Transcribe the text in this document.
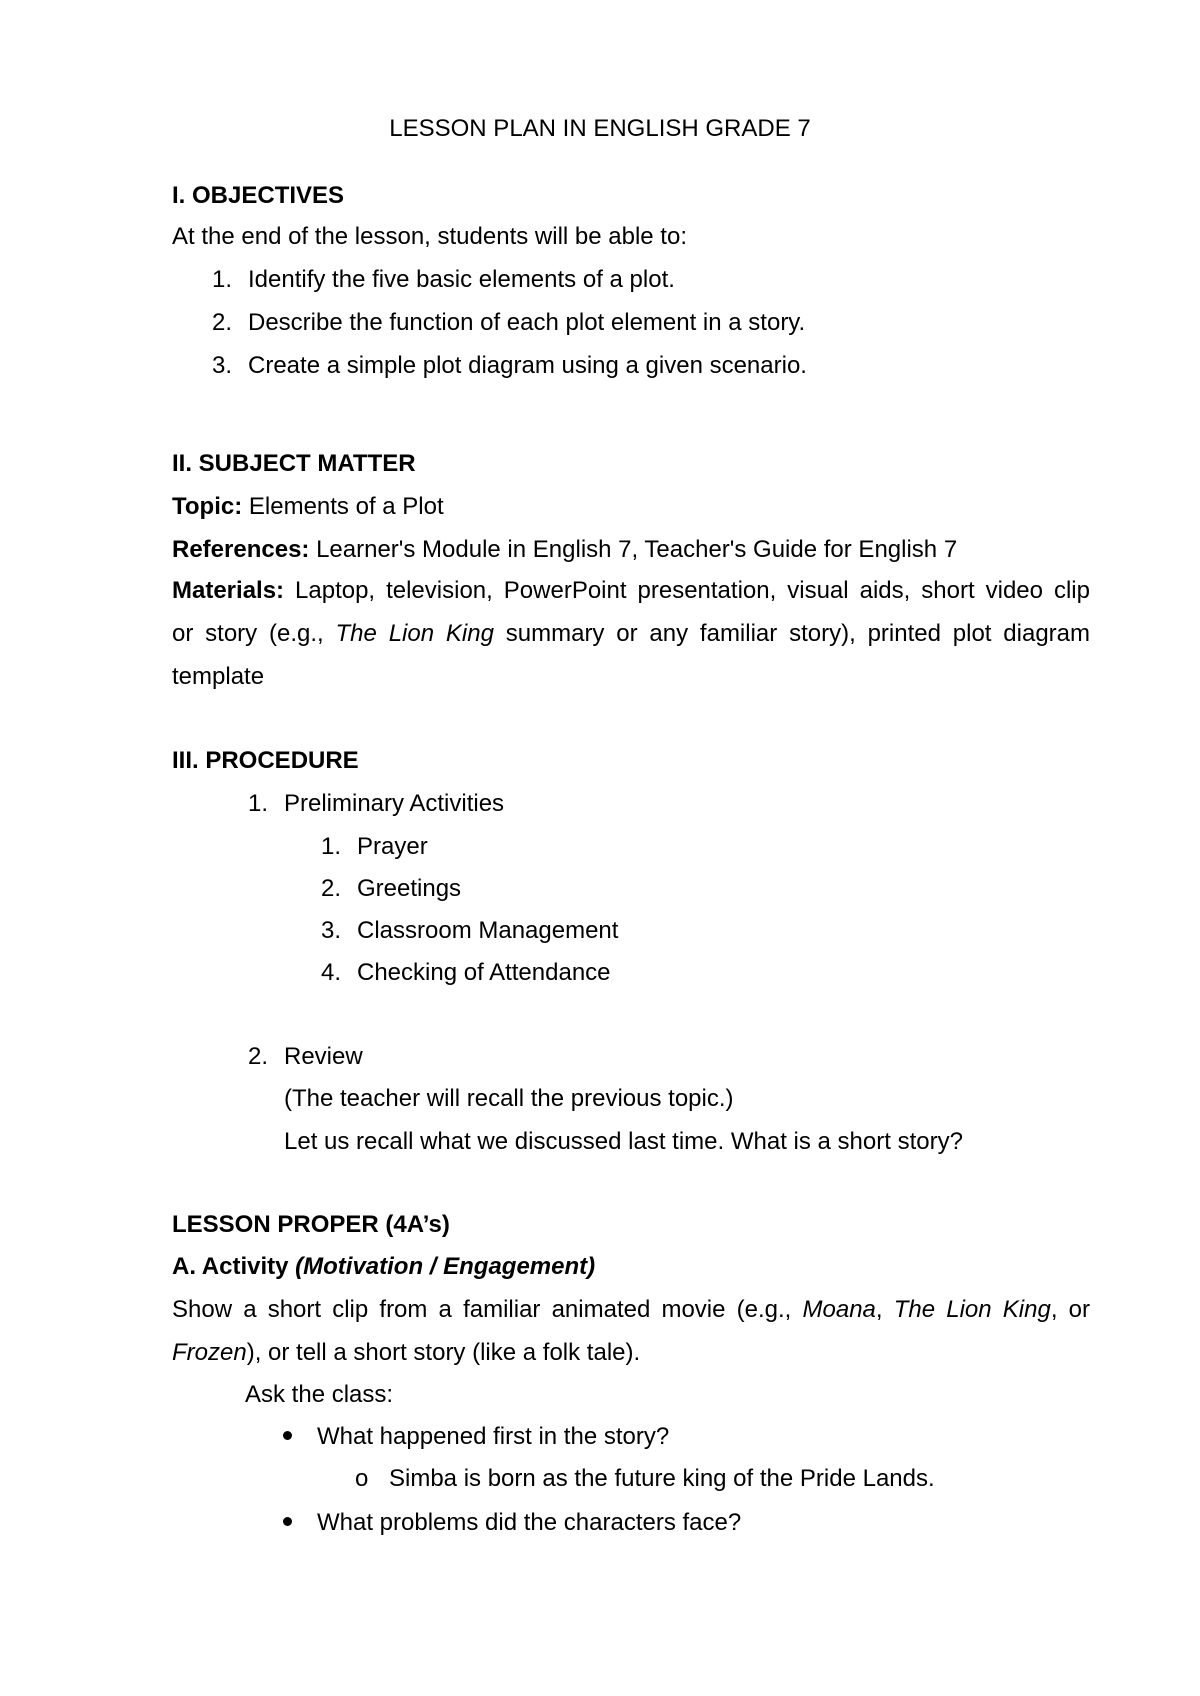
LESSON PLAN IN ENGLISH GRADE 7
I. OBJECTIVES
At the end of the lesson, students will be able to:
1. Identify the five basic elements of a plot.
2. Describe the function of each plot element in a story.
3. Create a simple plot diagram using a given scenario.
II. SUBJECT MATTER
Topic: Elements of a Plot
References: Learner's Module in English 7, Teacher's Guide for English 7
Materials: Laptop, television, PowerPoint presentation, visual aids, short video clip
or story (e.g., The Lion King summary or any familiar story), printed plot diagram
template
III. PROCEDURE
1. Preliminary Activities
1. Prayer
2. Greetings
3. Classroom Management
4. Checking of Attendance
2. Review
(The teacher will recall the previous topic.)
Let us recall what we discussed last time. What is a short story?
LESSON PROPER (4A’s)
A. Activity (Motivation / Engagement)
Show a short clip from a familiar animated movie (e.g., Moana, The Lion King, or
Frozen), or tell a short story (like a folk tale).
Ask the class:
What happened first in the story?
o Simba is born as the future king of the Pride Lands.
What problems did the characters face?
